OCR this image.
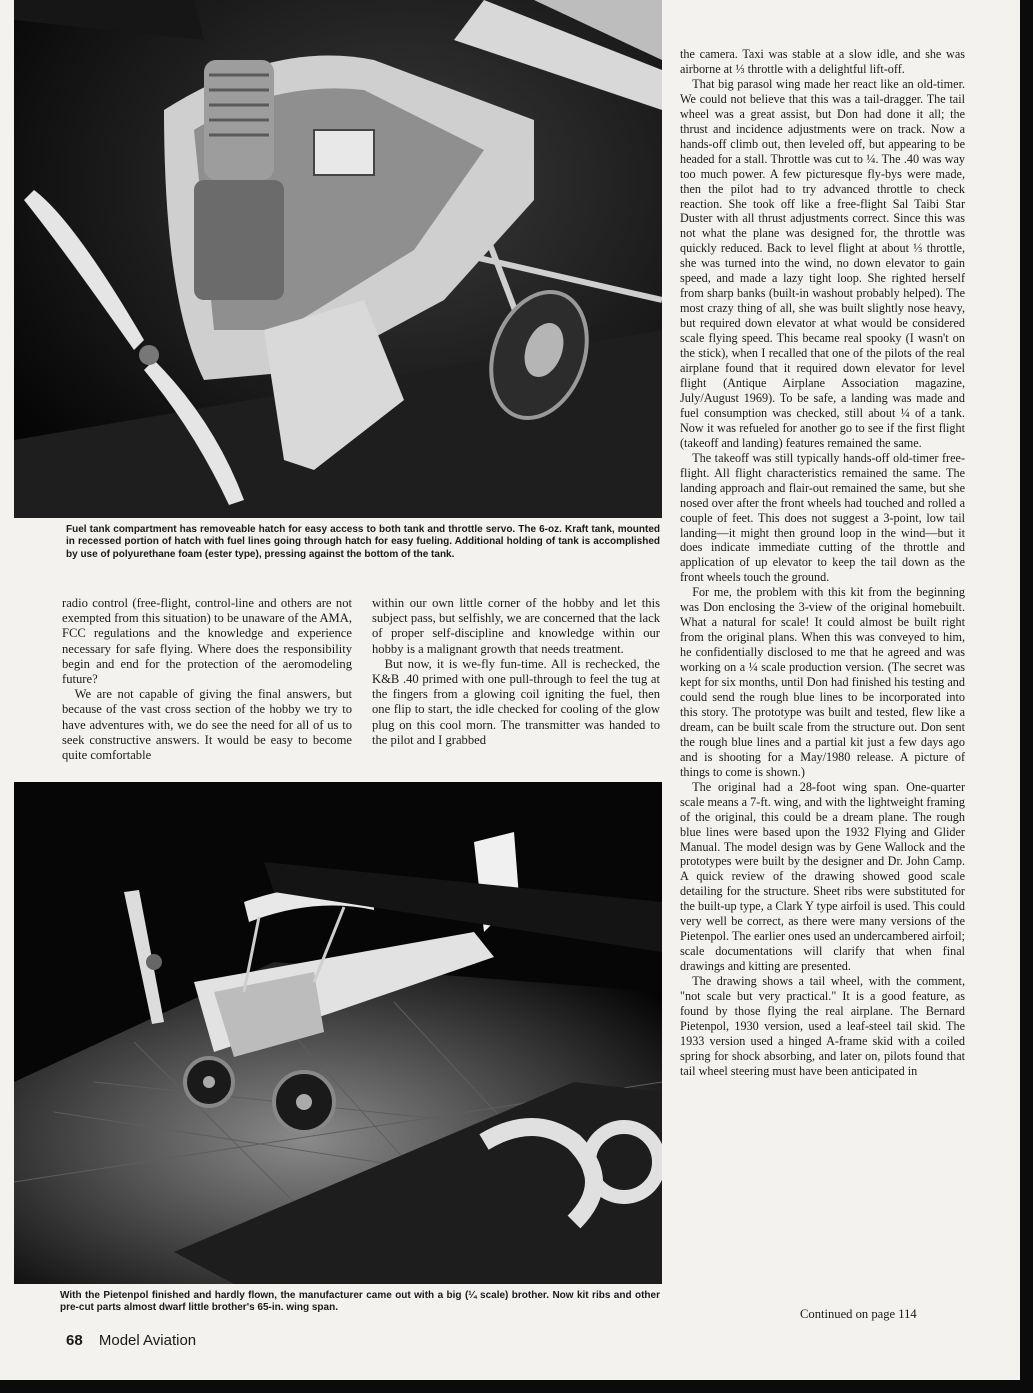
Fuel tank compartment has removeable hatch for easy access to both tank and throttle servo. The 6-oz. Kraft tank, mounted in recessed portion of hatch with fuel lines going through hatch for easy fueling. Additional holding of tank is accomplished by use of polyurethane foam (ester type), pressing against the bottom of the tank.

radio control (free-flight, control-line and others are not exempted from this situation) to be unaware of the AMA, FCC regulations and the knowledge and experience necessary for safe flying. Where does the responsibility begin and end for the protection of the aeromodeling future?

We are not capable of giving the final answers, but because of the vast cross section of the hobby we try to have adventures with, we do see the need for all of us to seek constructive answers. It would be easy to become quite comfortable

within our own little corner of the hobby and let this subject pass, but selfishly, we are concerned that the lack of proper self-discipline and knowledge within our hobby is a malignant growth that needs treatment.

But now, it is we-fly fun-time. All is rechecked, the K&B .40 primed with one pull-through to feel the tug at the fingers from a glowing coil igniting the fuel, then one flip to start, the idle checked for cooling of the glow plug on this cool morn. The transmitter was handed to the pilot and I grabbed

With the Pietenpol finished and hardly flown, the manufacturer came out with a big (¼ scale) brother. Now kit ribs and other pre-cut parts almost dwarf little brother's 65-in. wing span.

the camera. Taxi was stable at a slow idle, and she was airborne at ⅓ throttle with a delightful lift-off.

That big parasol wing made her react like an old-timer. We could not believe that this was a tail-dragger. The tail wheel was a great assist, but Don had done it all; the thrust and incidence adjustments were on track. Now a hands-off climb out, then leveled off, but appearing to be headed for a stall. Throttle was cut to ¼. The .40 was way too much power. A few picturesque fly-bys were made, then the pilot had to try advanced throttle to check reaction. She took off like a free-flight Sal Taibi Star Duster with all thrust adjustments correct. Since this was not what the plane was designed for, the throttle was quickly reduced. Back to level flight at about ⅓ throttle, she was turned into the wind, no down elevator to gain speed, and made a lazy tight loop. She righted herself from sharp banks (built-in washout probably helped). The most crazy thing of all, she was built slightly nose heavy, but required down elevator at what would be considered scale flying speed. This became real spooky (I wasn't on the stick), when I recalled that one of the pilots of the real airplane found that it required down elevator for level flight (Antique Airplane Association magazine, July/August 1969). To be safe, a landing was made and fuel consumption was checked, still about ¼ of a tank. Now it was refueled for another go to see if the first flight (takeoff and landing) features remained the same.

The takeoff was still typically hands-off old-timer free-flight. All flight characteristics remained the same. The landing approach and flair-out remained the same, but she nosed over after the front wheels had touched and rolled a couple of feet. This does not suggest a 3-point, low tail landing—it might then ground loop in the wind—but it does indicate immediate cutting of the throttle and application of up elevator to keep the tail down as the front wheels touch the ground.

For me, the problem with this kit from the beginning was Don enclosing the 3-view of the original homebuilt. What a natural for scale! It could almost be built right from the original plans. When this was conveyed to him, he confidentially disclosed to me that he agreed and was working on a ¼ scale production version. (The secret was kept for six months, until Don had finished his testing and could send the rough blue lines to be incorporated into this story. The prototype was built and tested, flew like a dream, can be built scale from the structure out. Don sent the rough blue lines and a partial kit just a few days ago and is shooting for a May/1980 release. A picture of things to come is shown.)

The original had a 28-foot wing span. One-quarter scale means a 7-ft. wing, and with the lightweight framing of the original, this could be a dream plane. The rough blue lines were based upon the 1932 Flying and Glider Manual. The model design was by Gene Wallock and the prototypes were built by the designer and Dr. John Camp. A quick review of the drawing showed good scale detailing for the structure. Sheet ribs were substituted for the built-up type, a Clark Y type airfoil is used. This could very well be correct, as there were many versions of the Pietenpol. The earlier ones used an undercambered airfoil; scale documentations will clarify that when final drawings and kitting are presented.

The drawing shows a tail wheel, with the comment, "not scale but very practical." It is a good feature, as found by those flying the real airplane. The Bernard Pietenpol, 1930 version, used a leaf-steel tail skid. The 1933 version used a hinged A-frame skid with a coiled spring for shock absorbing, and later on, pilots found that tail wheel steering must have been anticipated in

Continued on page 114
68 Model Aviation
